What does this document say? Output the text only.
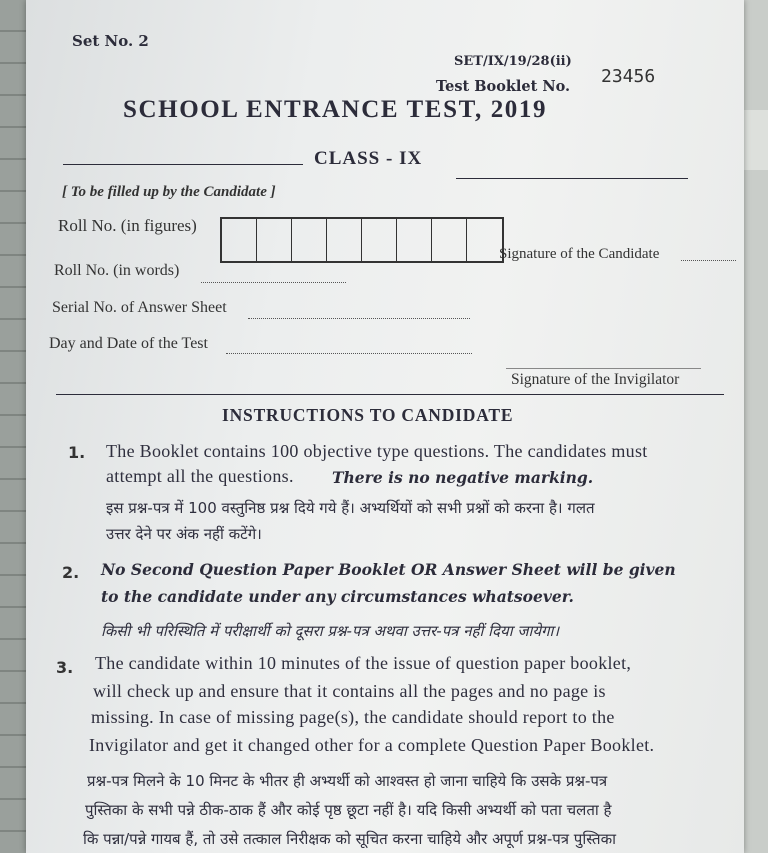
Set No. 2
SET/IX/19/28(ii)
Test Booklet No. 23456
SCHOOL ENTRANCE TEST, 2019
CLASS - IX
[ To be filled up by the Candidate ]
Roll No. (in figures)
Signature of the Candidate
Roll No. (in words)
Serial No. of Answer Sheet
Day and Date of the Test
Signature of the Invigilator
INSTRUCTIONS TO CANDIDATE
1. The Booklet contains 100 objective type questions. The candidates must
attempt all the questions. There is no negative marking.
इस प्रश्न-पत्र में 100 वस्तुनिष्ठ प्रश्न दिये गये हैं। अभ्यर्थियों को सभी प्रश्नों को करना है। गलत
उत्तर देने पर अंक नहीं कटेंगे।
2. No Second Question Paper Booklet OR Answer Sheet will be given
to the candidate under any circumstances whatsoever.
किसी भी परिस्थिति में परीक्षार्थी को दूसरा प्रश्न-पत्र अथवा उत्तर-पत्र नहीं दिया जायेगा।
3. The candidate within 10 minutes of the issue of question paper booklet,
will check up and ensure that it contains all the pages and no page is
missing. In case of missing page(s), the candidate should report to the
Invigilator and get it changed other for a complete Question Paper Booklet.
प्रश्न-पत्र मिलने के 10 मिनट के भीतर ही अभ्यर्थी को आश्वस्त हो जाना चाहिये कि उसके प्रश्न-पत्र
पुस्तिका के सभी पन्ने ठीक-ठाक हैं और कोई पृष्ठ छूटा नहीं है। यदि किसी अभ्यर्थी को पता चलता है
कि पन्ना/पन्ने गायब हैं, तो उसे तत्काल निरीक्षक को सूचित करना चाहिये और अपूर्ण प्रश्न-पत्र पुस्तिका
